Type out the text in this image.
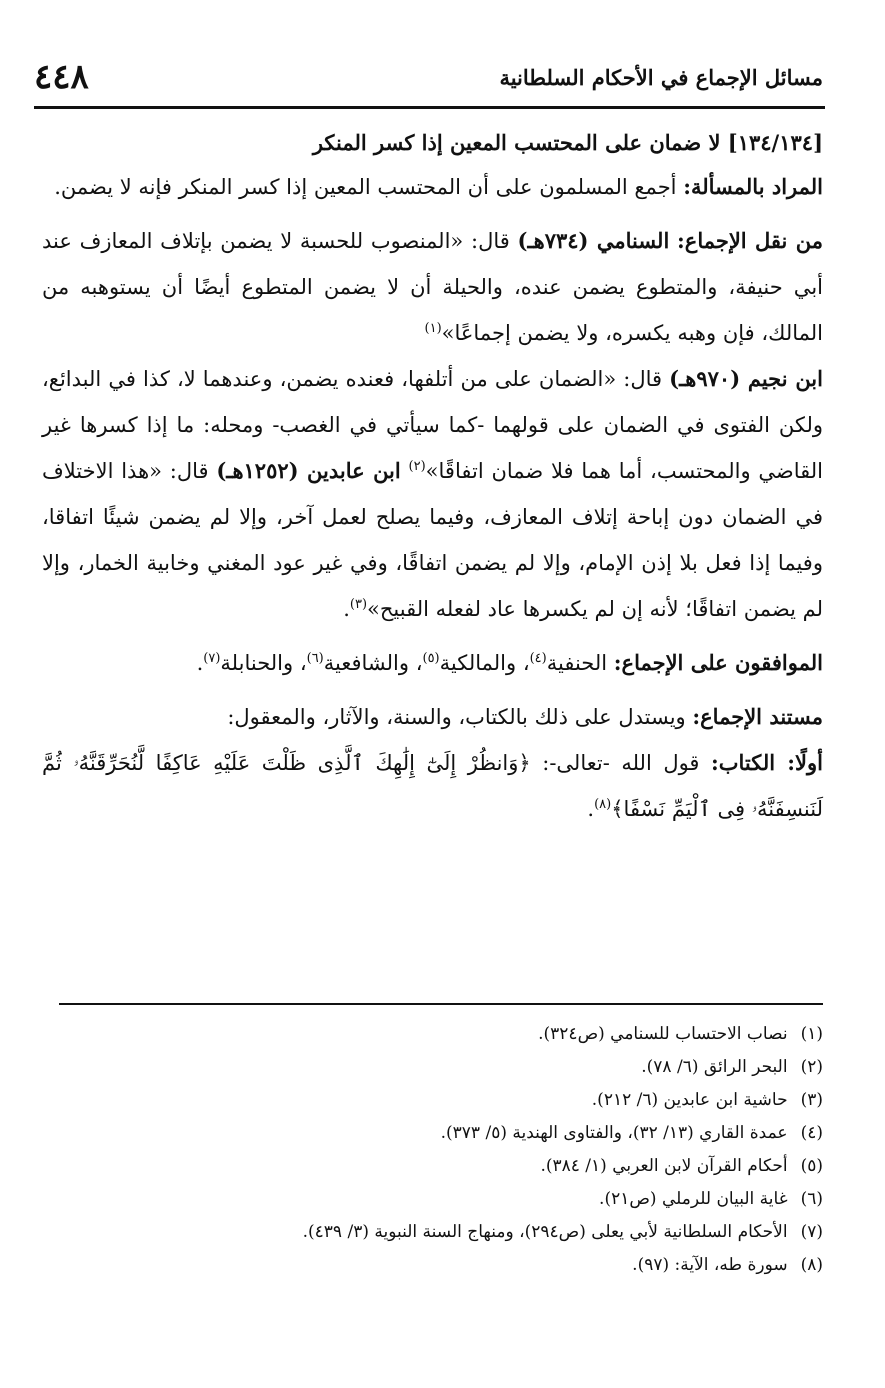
مسائل الإجماع في الأحكام السلطانية
٤٤٨

[١٣٤/١٣٤] لا ضمان على المحتسب المعين إذا كسر المنكر

المراد بالمسألة: أجمع المسلمون على أن المحتسب المعين إذا كسر المنكر فإنه لا يضمن.

من نقل الإجماع: السنامي (٧٣٤هـ) قال: «المنصوب للحسبة لا يضمن بإتلاف المعازف عند أبي حنيفة، والمتطوع يضمن عنده، والحيلة أن لا يضمن المتطوع أيضًا أن يستوهبه من المالك، فإن وهبه يكسره، ولا يضمن إجماعًا»$^{(١)}$
ابن نجيم (٩٧٠هـ) قال: «الضمان على من أتلفها، فعنده يضمن، وعندهما لا، كذا في البدائع، ولكن الفتوى في الضمان على قولهما -كما سيأتي في الغصب- ومحله: ما إذا كسرها غير القاضي والمحتسب، أما هما فلا ضمان اتفاقًا»$^{(٢)}$ ابن عابدين (١٢٥٢هـ) قال: «هذا الاختلاف في الضمان دون إباحة إتلاف المعازف، وفيما يصلح لعمل آخر، وإلا لم يضمن شيئًا اتفاقا، وفيما إذا فعل بلا إذن الإمام، وإلا لم يضمن اتفاقًا، وفي غير عود المغني وخابية الخمار، وإلا لم يضمن اتفاقًا؛ لأنه إن لم يكسرها عاد لفعله القبيح»$^{(٣)}$.

الموافقون على الإجماع: الحنفية$^{(٤)}$، والمالكية$^{(٥)}$، والشافعية$^{(٦)}$، والحنابلة$^{(٧)}$.

مستند الإجماع: ويستدل على ذلك بالكتاب، والسنة، والآثار، والمعقول:

أولًا: الكتاب: قول الله -تعالى-: ﴿وَانظُرْ إِلَىٰٓ إِلَٰهِكَ ٱلَّذِى ظَلْتَ عَلَيْهِ عَاكِفًا لَّنُحَرِّقَنَّهُۥ ثُمَّ لَنَنسِفَنَّهُۥ فِى ٱلْيَمِّ نَسْفًا﴾$^{(٨)}$.

(١) نصاب الاحتساب للسنامي (ص٣٢٤).
(٢) البحر الرائق (٦/ ٧٨).
(٣) حاشية ابن عابدين (٦/ ٢١٢).
(٤) عمدة القاري (١٣/ ٣٢)، والفتاوى الهندية (٥/ ٣٧٣).
(٥) أحكام القرآن لابن العربي (١/ ٣٨٤).
(٦) غاية البيان للرملي (ص٢١).
(٧) الأحكام السلطانية لأبي يعلى (ص٢٩٤)، ومنهاج السنة النبوية (٣/ ٤٣٩).
(٨) سورة طه، الآية: (٩٧).
